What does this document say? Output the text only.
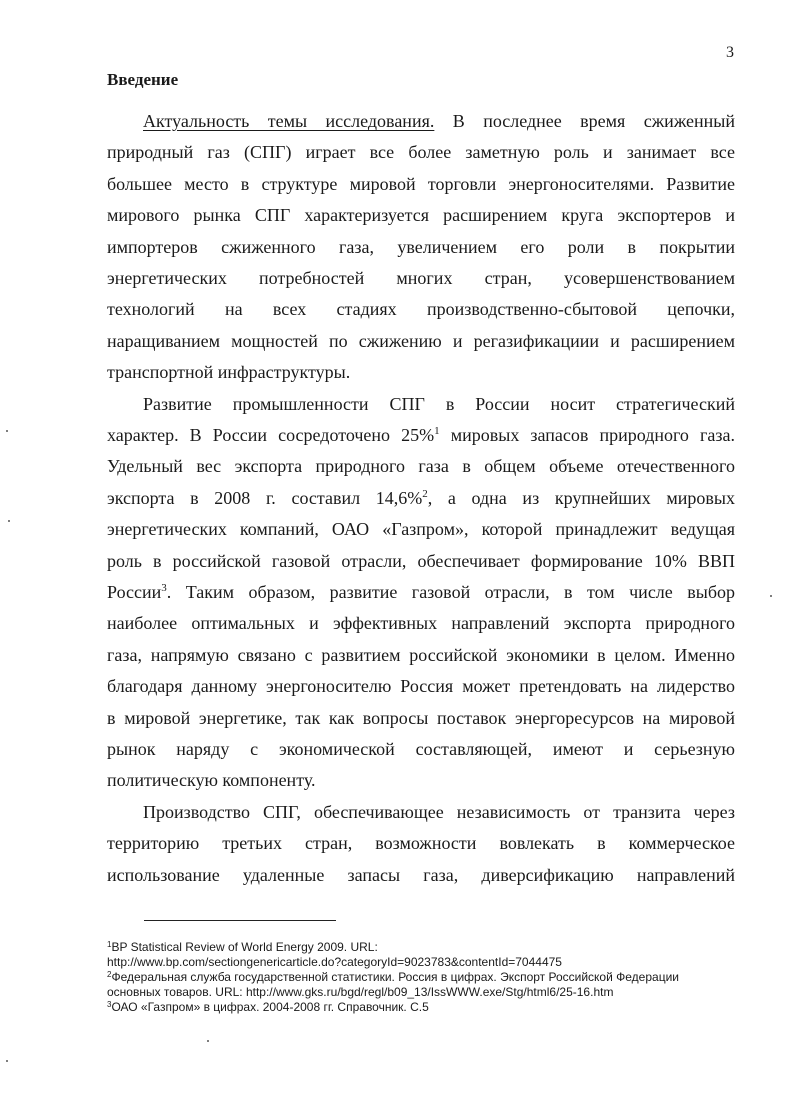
3
Введение
Актуальность темы исследования. В последнее время сжиженный
природный газ (СПГ) играет все более заметную роль и занимает все
большее место в структуре мировой торговли энергоносителями. Развитие
мирового рынка СПГ характеризуется расширением круга экспортеров и
импортеров сжиженного газа, увеличением его роли в покрытии
энергетических потребностей многих стран, усовершенствованием
технологий на всех стадиях производственно-сбытовой цепочки,
наращиванием мощностей по сжижению и регазификациии и расширением
транспортной инфраструктуры.
Развитие промышленности СПГ в России носит стратегический
характер. В России сосредоточено 25%$^1$ мировых запасов природного газа.
Удельный вес экспорта природного газа в общем объеме отечественного
экспорта в 2008 г. составил 14,6%$^2$, а одна из крупнейших мировых
энергетических компаний, ОАО «Газпром», которой принадлежит ведущая
роль в российской газовой отрасли, обеспечивает формирование 10% ВВП
России$^3$. Таким образом, развитие газовой отрасли, в том числе выбор
наиболее оптимальных и эффективных направлений экспорта природного
газа, напрямую связано с развитием российской экономики в целом. Именно
благодаря данному энергоносителю Россия может претендовать на лидерство
в мировой энергетике, так как вопросы поставок энергоресурсов на мировой
рынок наряду с экономической составляющей, имеют и серьезную
политическую компоненту.
Производство СПГ, обеспечивающее независимость от транзита через
территорию третьих стран, возможности вовлекать в коммерческое
использование удаленные запасы газа, диверсификацию направлений
$^1$BP Statistical Review of World Energy 2009. URL:
http://www.bp.com/sectiongenericarticle.do?categoryId=9023783&contentId=7044475
$^2$Федеральная служба государственной статистики. Россия в цифрах. Экспорт Российской Федерации
основных товаров. URL: http://www.gks.ru/bgd/regl/b09_13/IssWWW.exe/Stg/html6/25-16.htm
$^3$ОАО «Газпром» в цифрах. 2004-2008 гг. Справочник. С.5
